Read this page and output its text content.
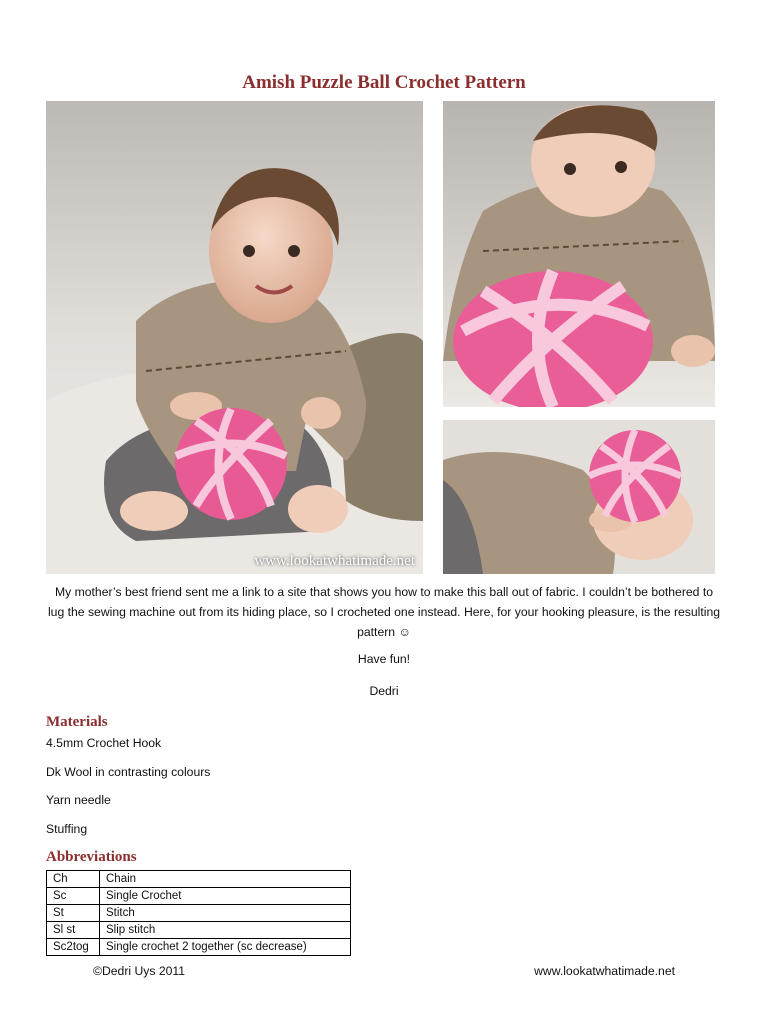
Amish Puzzle Ball Crochet Pattern
www.lookatwhatimade.net

My mother’s best friend sent me a link to a site that shows you how to make this ball out of fabric. I couldn’t be bothered to lug the sewing machine out from its hiding place, so I crocheted one instead. Here, for your hooking pleasure, is the resulting pattern ☺

Have fun!

Dedri

Materials
4.5mm Crochet Hook
Dk Wool in contrasting colours
Yarn needle
Stuffing
Abbreviations
Ch	Chain
Sc	Single Crochet
St	Stitch
Sl st	Slip stitch
Sc2tog	Single crochet 2 together (sc decrease)

©Dedri Uys 2011	www.lookatwhatimade.net
